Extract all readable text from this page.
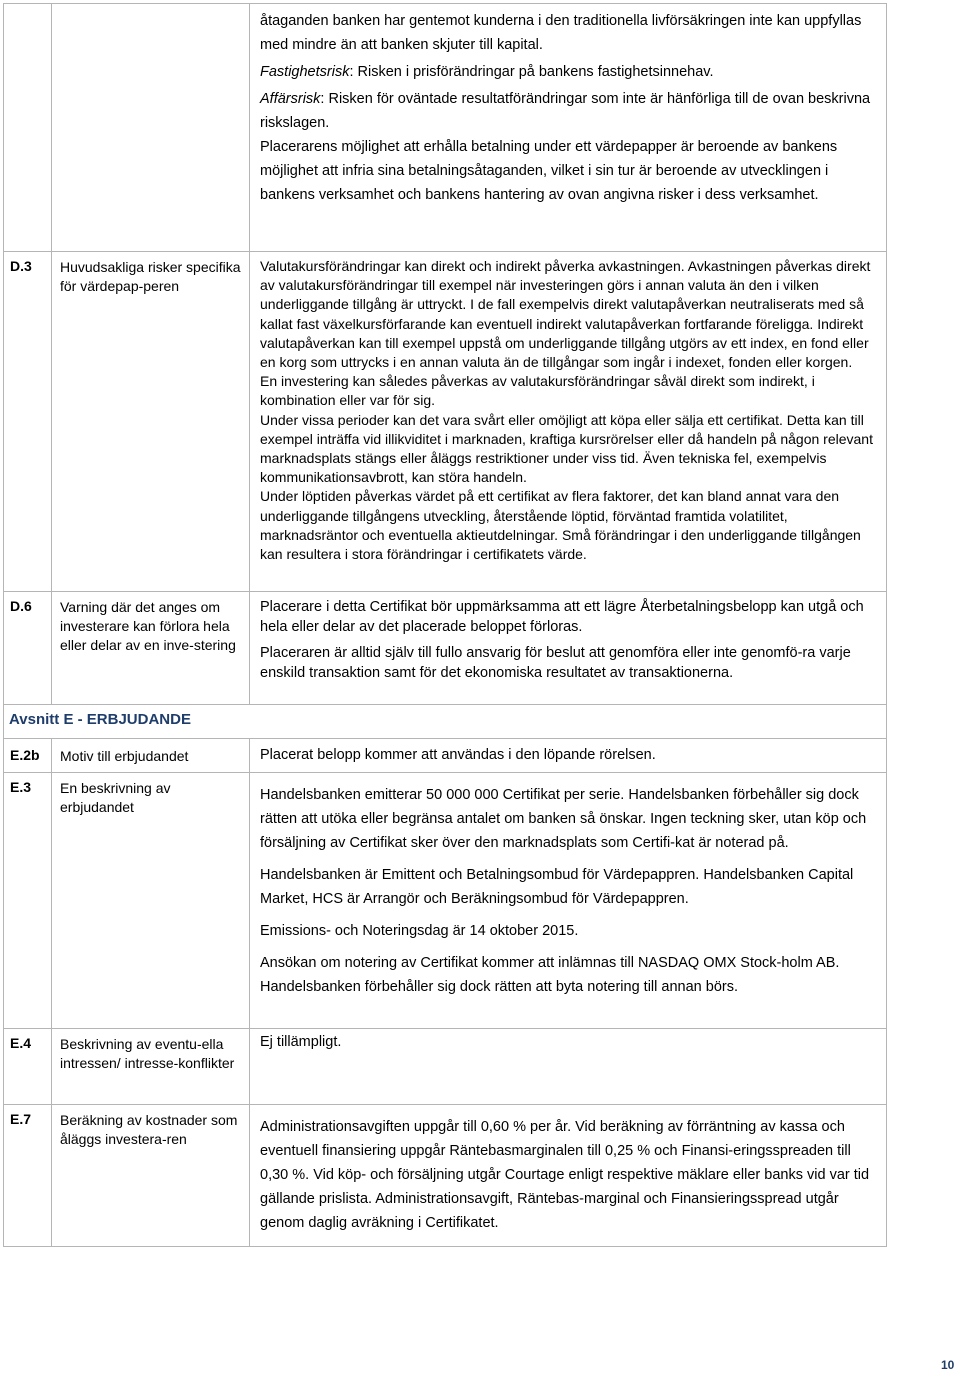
		åtaganden banken har gentemot kunderna i den traditionella livförsäkringen inte kan uppfyllas med mindre än att banken skjuter till kapital.

Fastighetsrisk: Risken i prisförändringar på bankens fastighetsinnehav.

Affärsrisk: Risken för oväntade resultatförändringar som inte är hänförliga till de ovan beskrivna riskslagen.

Placerarens möjlighet att erhålla betalning under ett värdepapper är beroende av bankens möjlighet att infria sina betalningsåtaganden, vilket i sin tur är beroende av utvecklingen i bankens verksamhet och bankens hantering av ovan angivna risker i dess verksamhet.

D.3	Huvudsakliga risker specifika för värdepap-peren	Valutakursförändringar kan direkt och indirekt påverka avkastningen. Avkastningen påverkas direkt av valutakursförändringar till exempel när investeringen görs i annan valuta än den i vilken underliggande tillgång är uttryckt. I de fall exempelvis direkt valutapåverkan neutraliserats med så kallat fast växelkursförfarande kan eventuell indirekt valutapåverkan fortfarande föreligga. Indirekt valutapåverkan kan till exempel uppstå om underliggande tillgång utgörs av ett index, en fond eller en korg som uttrycks i en annan valuta än de tillgångar som ingår i indexet, fonden eller korgen.

En investering kan således påverkas av valutakursförändringar såväl direkt som indirekt, i kombination eller var för sig.

Under vissa perioder kan det vara svårt eller omöjligt att köpa eller sälja ett certifikat. Detta kan till exempel inträffa vid illikviditet i marknaden, kraftiga kursrörelser eller då handeln på någon relevant marknadsplats stängs eller åläggs restriktioner under viss tid. Även tekniska fel, exempelvis kommunikationsavbrott, kan störa handeln.

Under löptiden påverkas värdet på ett certifikat av flera faktorer, det kan bland annat vara den underliggande tillgångens utveckling, återstående löptid, förväntad framtida volatilitet, marknadsräntor och eventuella aktieutdelningar. Små förändringar i den underliggande tillgången kan resultera i stora förändringar i certifikatets värde.

D.6	Varning där det anges om investerare kan förlora hela eller delar av en inve-stering	Placerare i detta Certifikat bör uppmärksamma att ett lägre Återbetalningsbelopp kan utgå och hela eller delar av det placerade beloppet förloras.

Placeraren är alltid själv till fullo ansvarig för beslut att genomföra eller inte genomfö-ra varje enskild transaktion samt för det ekonomiska resultatet av transaktionerna.

Avsnitt E - ERBJUDANDE		
E.2b	Motiv till erbjudandet	Placerat belopp kommer att användas i den löpande rörelsen.
E.3	En beskrivning av erbjudandet	Handelsbanken emitterar 50 000 000 Certifikat per serie. Handelsbanken förbehåller sig dock rätten att utöka eller begränsa antalet om banken så önskar. Ingen teckning sker, utan köp och försäljning av Certifikat sker över den marknadsplats som Certifi-kat är noterad på.

Handelsbanken är Emittent och Betalningsombud för Värdepappren. Handelsbanken Capital Market, HCS är Arrangör och Beräkningsombud för Värdepappren.

Emissions- och Noteringsdag är 14 oktober 2015.

Ansökan om notering av Certifikat kommer att inlämnas till NASDAQ OMX Stock-holm AB. Handelsbanken förbehåller sig dock rätten att byta notering till annan börs.

E.4	Beskrivning av eventu-ella intressen/ intresse-konflikter	Ej tillämpligt.
E.7	Beräkning av kostnader som åläggs investera-ren	Administrationsavgiften uppgår till 0,60 % per år. Vid beräkning av förräntning av kassa och eventuell finansiering uppgår Räntebasmarginalen till 0,25 % och Finansi-eringsspreaden till 0,30 %. Vid köp- och försäljning utgår Courtage enligt respektive mäklare eller banks vid var tid gällande prislista. Administrationsavgift, Räntebas-marginal och Finansieringsspread utgår genom daglig avräkning i Certifikatet.

10
